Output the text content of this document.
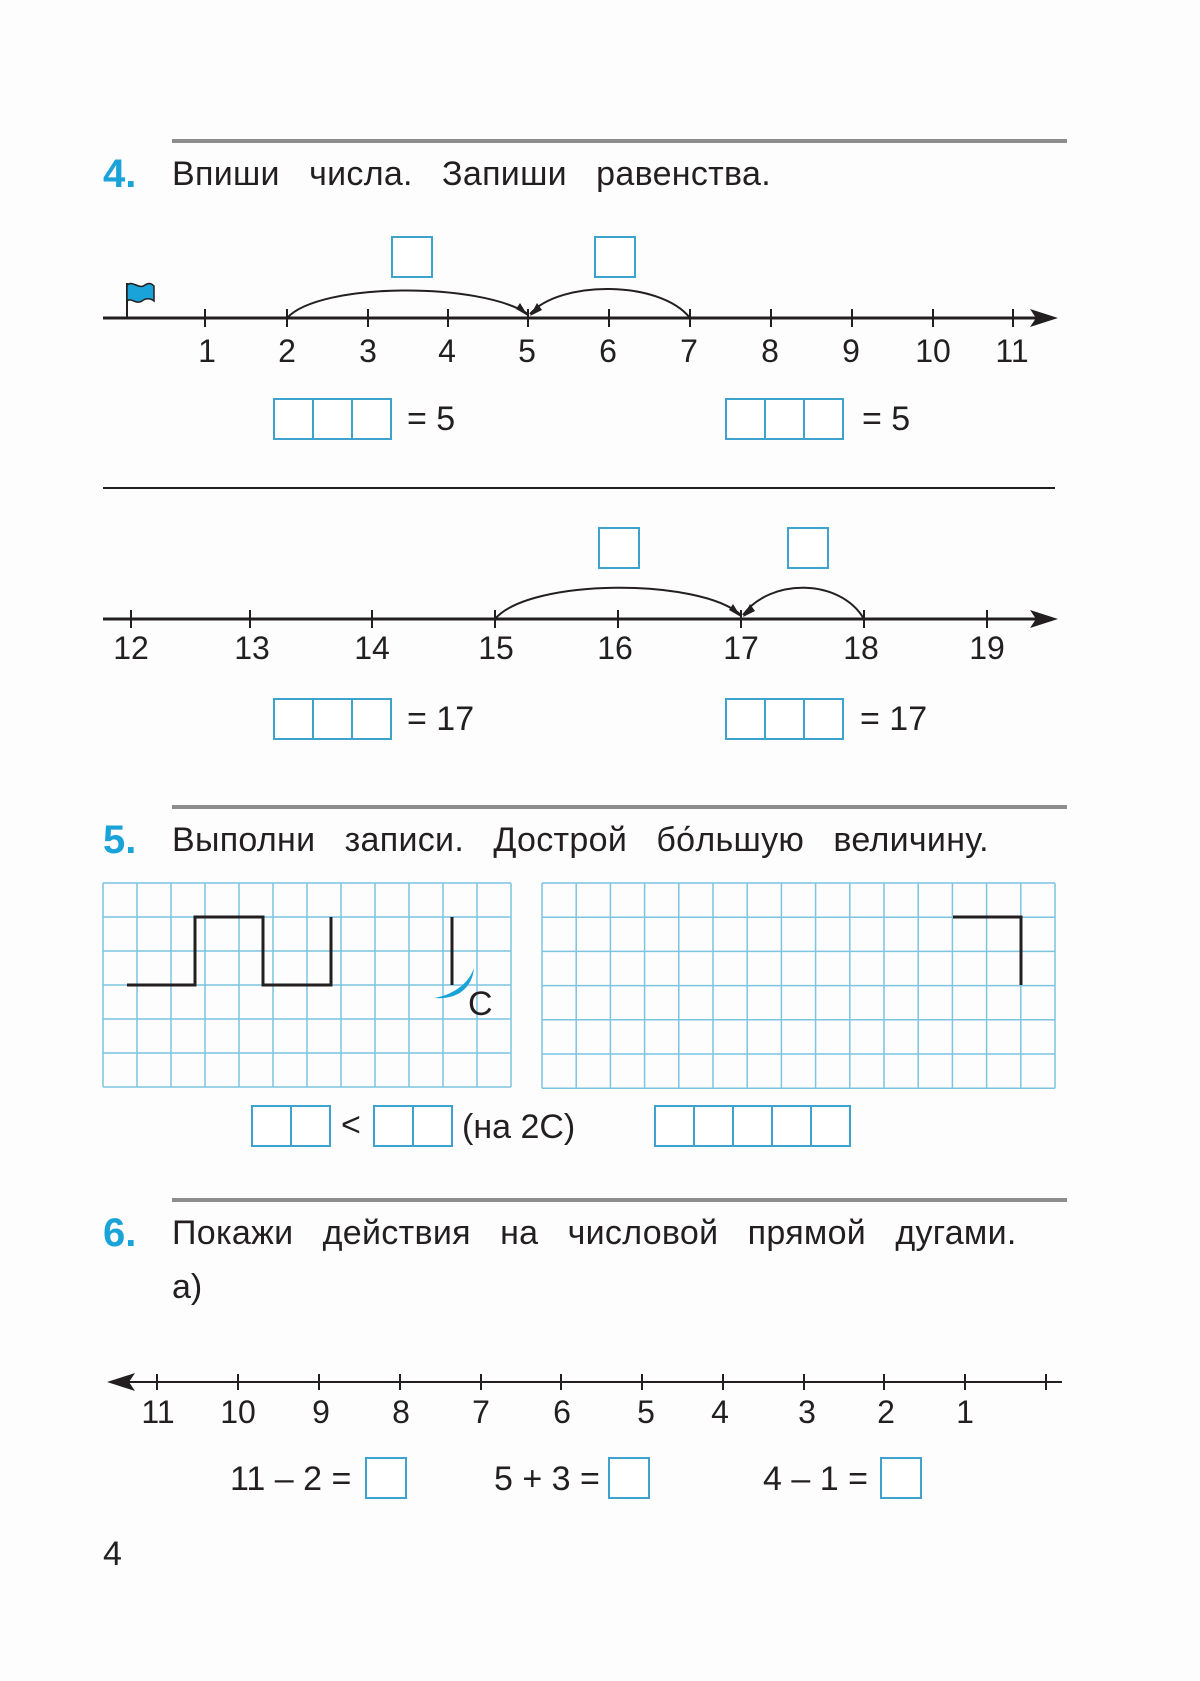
4. Впиши   числа.   Запиши   равенства.
1	2	3	4	5	6	7	8	9	10	11
= 5	= 5
12	13	14	15	16	17	18	19
= 17	= 17
5. Выполни   записи.   Дострой   бо́льшую   величину.
С
<	(на 2С)
6. Покажи   действия   на   числовой   прямой   дугами.
а)
11	10	9	8	7	6	5	4	3	2	1
11 – 2 =	5 + 3 =	4 – 1 =
4
